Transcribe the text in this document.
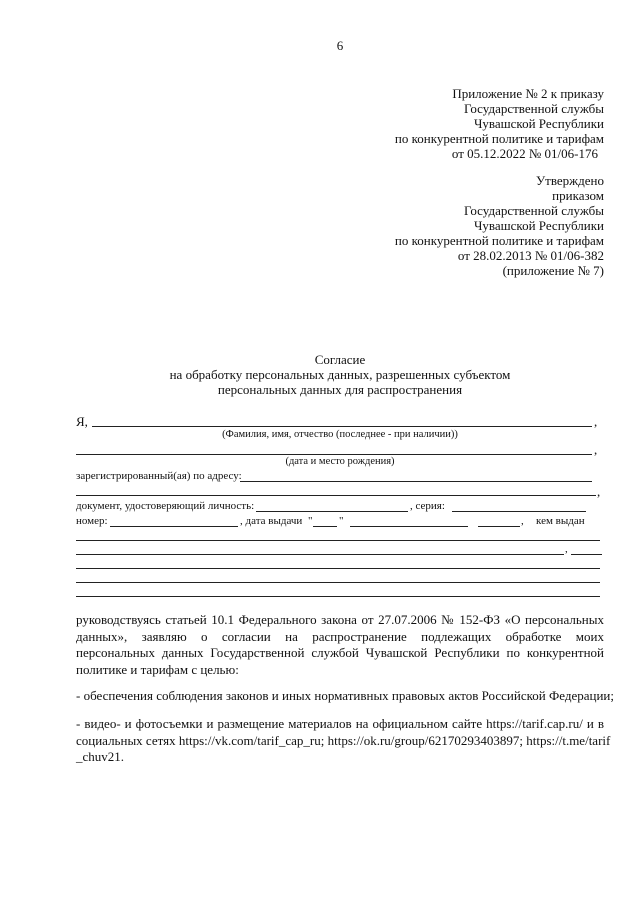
6
Приложение № 2 к приказу
Государственной службы
Чувашской Республики
по конкурентной политике и тарифам
от 05.12.2022 № 01/06-176
Утверждено
приказом
Государственной службы
Чувашской Республики
по конкурентной политике и тарифам
от 28.02.2013 № 01/06-382
(приложение № 7)
Согласие
на обработку персональных данных, разрешенных субъектом
персональных данных для распространения
Я,	,
(Фамилия, имя, отчество (последнее - при наличии))
,
(дата и место рождения)
зарегистрированный(ая) по адресу:
,
документ, удостоверяющий личность:	, серия:
номер:	, дата выдачи " "	, кем выдан
,
руководствуясь статьей 10.1 Федерального закона от 27.07.2006 № 152-ФЗ «О персональных
данных», заявляю о согласии на распространение подлежащих обработке моих
персональных данных Государственной службой Чувашской Республики по конкурентной
политике и тарифам с целью:
- обеспечения соблюдения законов и иных нормативных правовых актов Российской Федерации;
- видео- и фотосъемки и размещение материалов на официальном сайте https://tarif.cap.ru/ и в
социальных сетях https://vk.com/tarif_cap_ru; https://ok.ru/group/62170293403897; https://t.me/tarif
_chuv21.
